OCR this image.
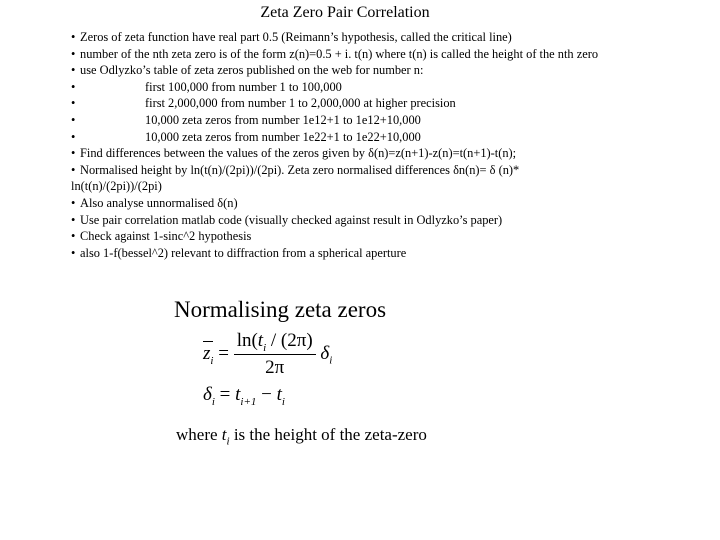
Zeta Zero Pair Correlation
• Zeros of zeta function have real part 0.5 (Reimann’s hypothesis, called the critical line)
• number of the nth zeta zero is of the form z(n)=0.5 + i. t(n) where t(n) is called the height of the nth zero
• use Odlyzko’s table of zeta zeros published on the web for number n:
•	first 100,000 from number 1 to 100,000
•	first 2,000,000 from number 1 to 2,000,000 at higher precision
•	10,000 zeta zeros from number 1e12+1 to 1e12+10,000
•	10,000 zeta zeros from number 1e22+1 to 1e22+10,000
• Find differences between the values of the zeros given by δ(n)=z(n+1)-z(n)=t(n+1)-t(n);
• Normalised height by ln(t(n)/(2pi))/(2pi). Zeta zero normalised differences δn(n)= δ (n)* ln(t(n)/(2pi))/(2pi)
• Also analyse unnormalised δ(n)
• Use pair correlation matlab code (visually checked against result in Odlyzko’s paper)
• Check against 1-sinc^2 hypothesis
• also 1-f(bessel^2) relevant to diffraction from a spherical aperture
Normalising zeta zeros
$z_i = \frac{\ln(t_i / (2\pi)}{2\pi} \delta_i$
$\delta_i = t_{i+1} - t_i$
where $t_i$ is the height of the zeta-zero
